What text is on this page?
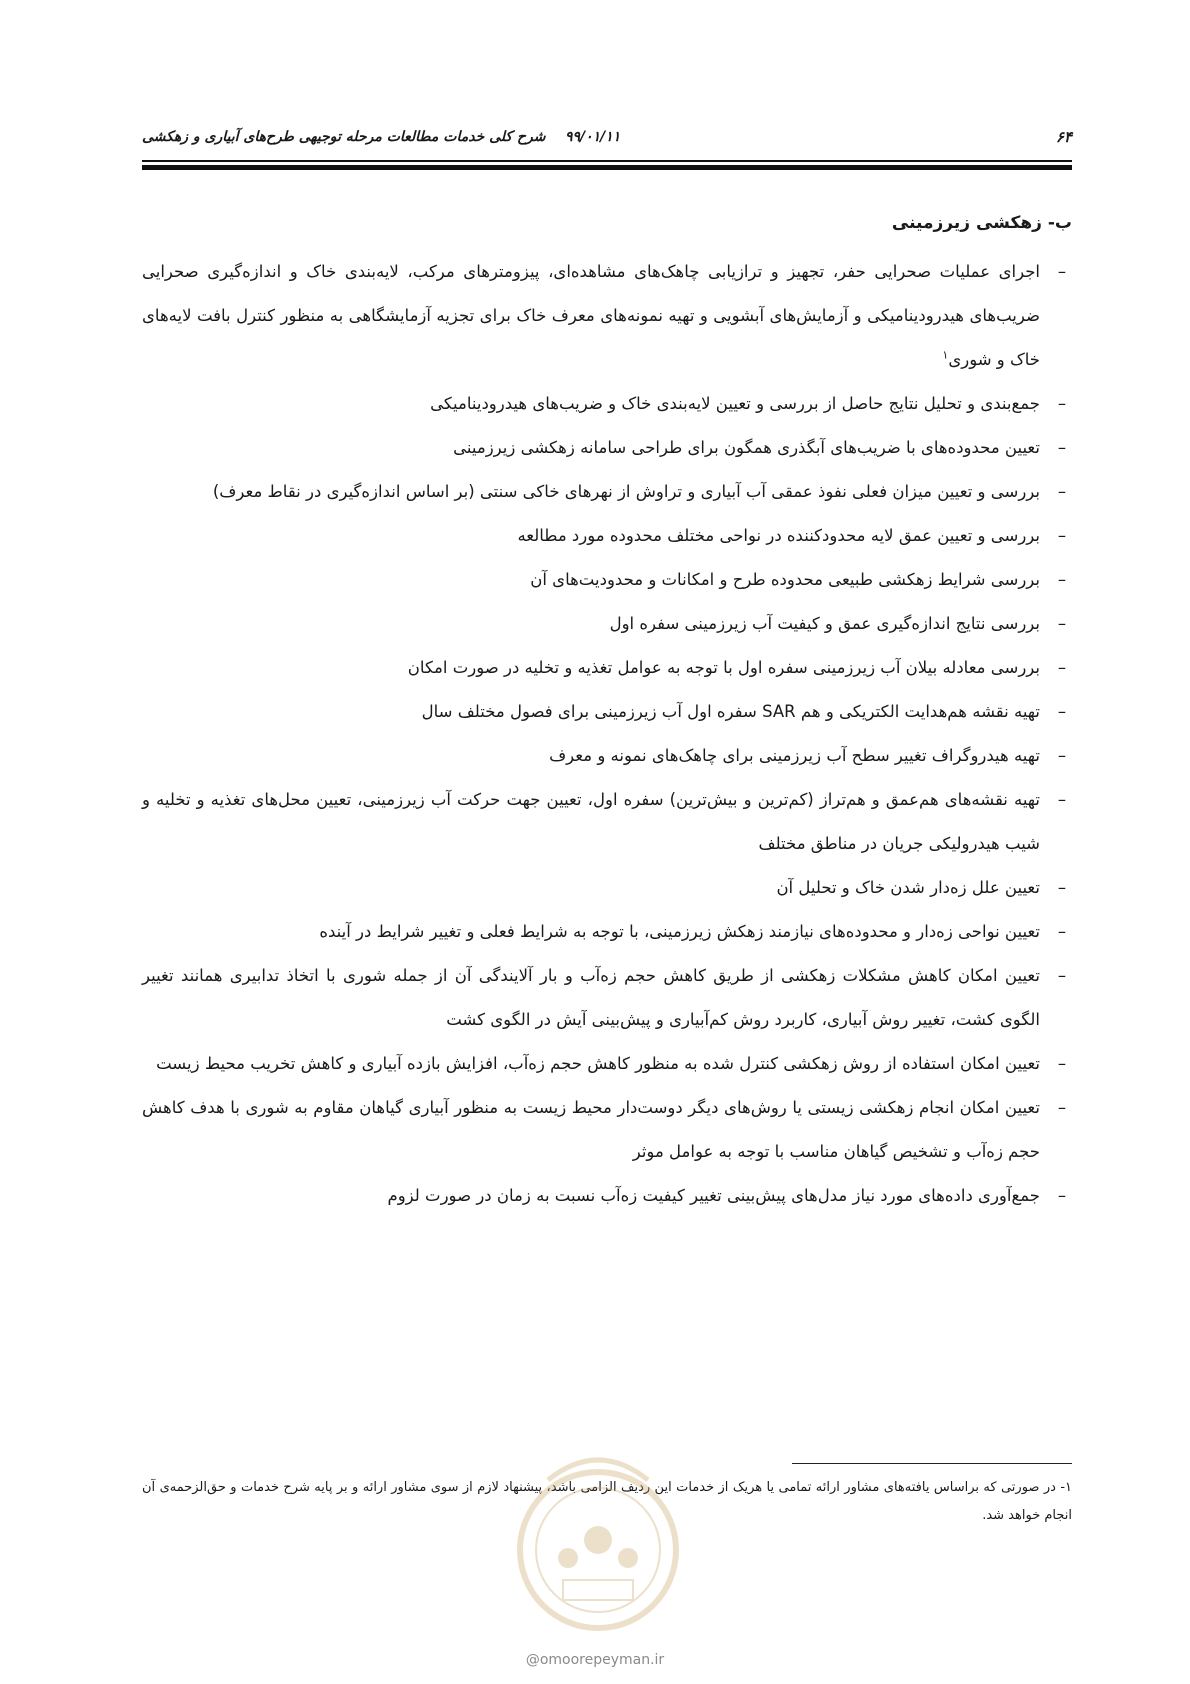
۶۴
۹۹/۰۱/۱۱    شرح کلی خدمات مطالعات مرحله توجیهی طرح‌های آبیاری و زهکشی
ب- زهکشی زیرزمینی
–
اجرای عملیات صحرایی حفر، تجهیز و ترازیابی چاهک‌های مشاهده‌ای، پیزومترهای مرکب، لایه‌بندی خاک و اندازه‌گیری صحرایی ضریب‌های هیدرودینامیکی و آزمایش‌های آبشویی و تهیه نمونه‌های معرف خاک برای تجزیه آزمایشگاهی به منظور کنترل بافت لایه‌های خاک و شوری$^۱$
–
جمع‌بندی و تحلیل نتایج حاصل از بررسی و تعیین لایه‌بندی خاک و ضریب‌های هیدرودینامیکی
–
تعیین محدوده‌های با ضریب‌های آبگذری همگون برای طراحی سامانه زهکشی زیرزمینی
–
بررسی و تعیین میزان فعلی نفوذ عمقی آب آبیاری و تراوش از نهرهای خاکی سنتی (بر اساس اندازه‌گیری در نقاط معرف)
–
بررسی و تعیین عمق لایه محدودکننده در نواحی مختلف محدوده مورد مطالعه
–
بررسی شرایط زهکشی طبیعی محدوده طرح و امکانات و محدودیت‌های آن
–
بررسی نتایج اندازه‌گیری عمق و کیفیت آب زیرزمینی سفره اول
–
بررسی معادله بیلان آب زیرزمینی سفره اول با توجه به عوامل تغذیه و تخلیه در صورت امکان
–
تهیه نقشه هم‌هدایت الکتریکی و هم SAR سفره اول آب زیرزمینی برای فصول مختلف سال
–
تهیه هیدروگراف تغییر سطح آب زیرزمینی برای چاهک‌های نمونه و معرف
–
تهیه نقشه‌های هم‌عمق و هم‌تراز (کم‌ترین و بیش‌ترین) سفره اول، تعیین جهت حرکت آب زیرزمینی، تعیین محل‌های تغذیه و تخلیه و شیب هیدرولیکی جریان در مناطق مختلف
–
تعیین علل زه‌دار شدن خاک و تحلیل آن
–
تعیین نواحی زه‌دار و محدوده‌های نیازمند زهکش زیرزمینی، با توجه به شرایط فعلی و تغییر شرایط در آینده
–
تعیین امکان کاهش مشکلات زهکشی از طریق کاهش حجم زه‌آب و بار آلایندگی آن از جمله شوری با اتخاذ تدابیری همانند تغییر الگوی کشت، تغییر روش آبیاری، کاربرد روش کم‌آبیاری و پیش‌بینی آیش در الگوی کشت
–
تعیین امکان استفاده از روش زهکشی کنترل شده به منظور کاهش حجم زه‌آب، افزایش بازده آبیاری و کاهش تخریب محیط زیست
–
تعیین امکان انجام زهکشی زیستی یا روش‌های دیگر دوست‌دار محیط زیست به منظور آبیاری گیاهان مقاوم به شوری با هدف کاهش حجم زه‌آب و تشخیص گیاهان مناسب با توجه به عوامل موثر
–
جمع‌آوری داده‌های مورد نیاز مدل‌های پیش‌بینی تغییر کیفیت زه‌آب نسبت به زمان در صورت لزوم
۱- در صورتی که براساس یافته‌های مشاور ارائه تمامی یا هریک از خدمات این ردیف الزامی باشد، پیشنهاد لازم از سوی مشاور ارائه و بر پایه شرح خدمات و حق‌الزحمه‌ی آن انجام خواهد شد.
@omoorepeyman.ir
